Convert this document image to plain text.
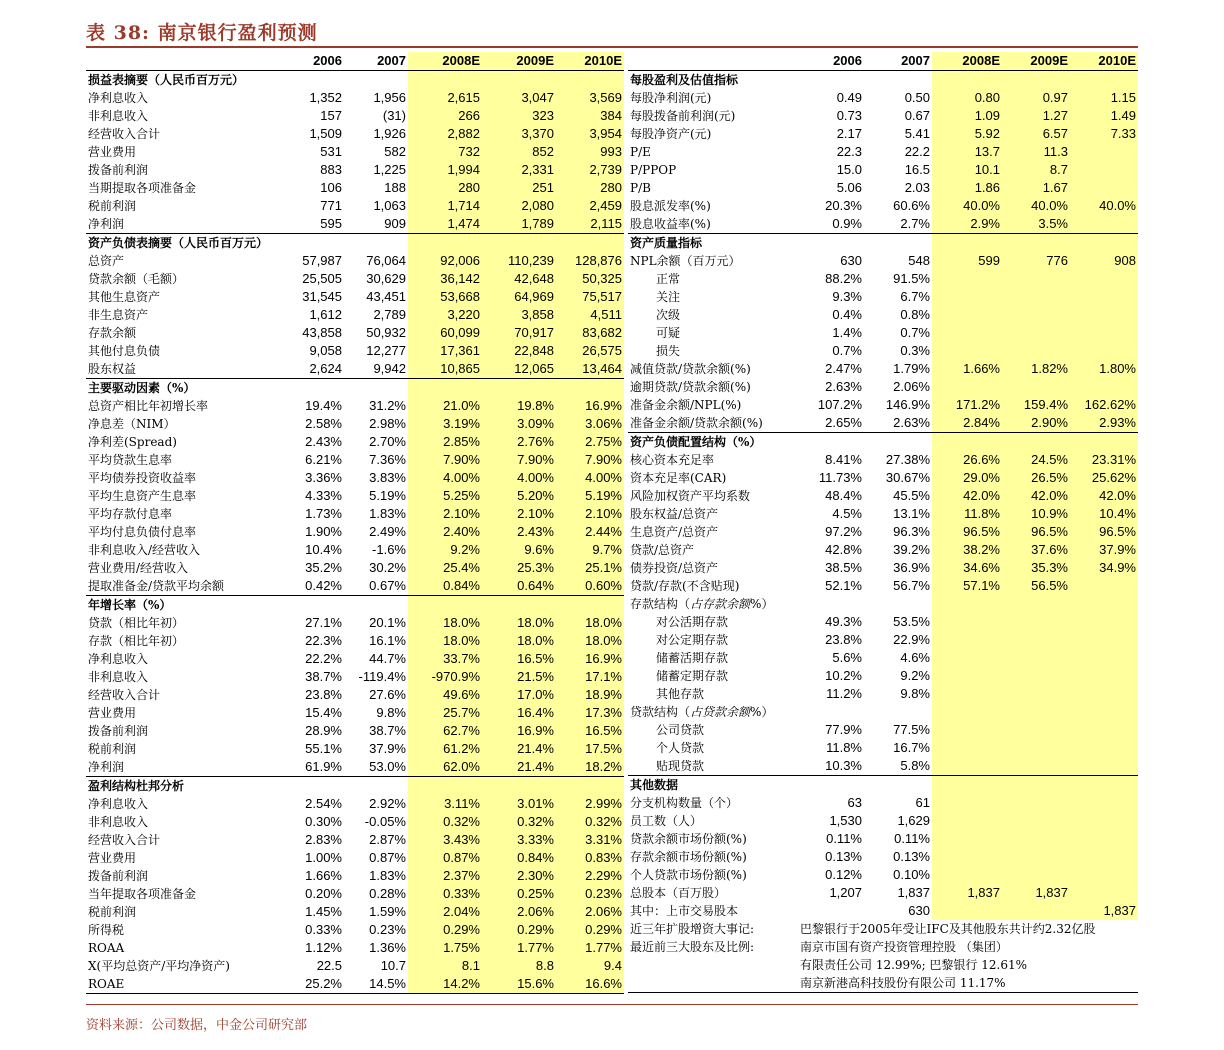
表 38: 南京银行盈利预测
	2006	2007	2008E	2009E	2010E
损益表摘要（人民币百万元）					
净利息收入	1,352	1,956	2,615	3,047	3,569
非利息收入	157	(31)	266	323	384
经营收入合计	1,509	1,926	2,882	3,370	3,954
营业费用	531	582	732	852	993
拨备前利润	883	1,225	1,994	2,331	2,739
当期提取各项准备金	106	188	280	251	280
税前利润	771	1,063	1,714	2,080	2,459
净利润	595	909	1,474	1,789	2,115
资产负债表摘要（人民币百万元）					
总资产	57,987	76,064	92,006	110,239	128,876
贷款余额（毛额）	25,505	30,629	36,142	42,648	50,325
其他生息资产	31,545	43,451	53,668	64,969	75,517
非生息资产	1,612	2,789	3,220	3,858	4,511
存款余额	43,858	50,932	60,099	70,917	83,682
其他付息负债	9,058	12,277	17,361	22,848	26,575
股东权益	2,624	9,942	10,865	12,065	13,464
主要驱动因素（%）					
总资产相比年初增长率	19.4%	31.2%	21.0%	19.8%	16.9%
净息差（NIM）	2.58%	2.98%	3.19%	3.09%	3.06%
净利差(Spread)	2.43%	2.70%	2.85%	2.76%	2.75%
平均贷款生息率	6.21%	7.36%	7.90%	7.90%	7.90%
平均债券投资收益率	3.36%	3.83%	4.00%	4.00%	4.00%
平均生息资产生息率	4.33%	5.19%	5.25%	5.20%	5.19%
平均存款付息率	1.73%	1.83%	2.10%	2.10%	2.10%
平均付息负债付息率	1.90%	2.49%	2.40%	2.43%	2.44%
非利息收入/经营收入	10.4%	-1.6%	9.2%	9.6%	9.7%
营业费用/经营收入	35.2%	30.2%	25.4%	25.3%	25.1%
提取准备金/贷款平均余额	0.42%	0.67%	0.84%	0.64%	0.60%
年增长率（%）					
贷款（相比年初）	27.1%	20.1%	18.0%	18.0%	18.0%
存款（相比年初）	22.3%	16.1%	18.0%	18.0%	18.0%
净利息收入	22.2%	44.7%	33.7%	16.5%	16.9%
非利息收入	38.7%	-119.4%	-970.9%	21.5%	17.1%
经营收入合计	23.8%	27.6%	49.6%	17.0%	18.9%
营业费用	15.4%	9.8%	25.7%	16.4%	17.3%
拨备前利润	28.9%	38.7%	62.7%	16.9%	16.5%
税前利润	55.1%	37.9%	61.2%	21.4%	17.5%
净利润	61.9%	53.0%	62.0%	21.4%	18.2%
盈利结构杜邦分析					
净利息收入	2.54%	2.92%	3.11%	3.01%	2.99%
非利息收入	0.30%	-0.05%	0.32%	0.32%	0.32%
经营收入合计	2.83%	2.87%	3.43%	3.33%	3.31%
营业费用	1.00%	0.87%	0.87%	0.84%	0.83%
拨备前利润	1.66%	1.83%	2.37%	2.30%	2.29%
当年提取各项准备金	0.20%	0.28%	0.33%	0.25%	0.23%
税前利润	1.45%	1.59%	2.04%	2.06%	2.06%
所得税	0.33%	0.23%	0.29%	0.29%	0.29%
ROAA	1.12%	1.36%	1.75%	1.77%	1.77%
X(平均总资产/平均净资产)	22.5	10.7	8.1	8.8	9.4
ROAE	25.2%	14.5%	14.2%	15.6%	16.6%
	2006	2007	2008E	2009E	2010E
每股盈利及估值指标					
每股净利润(元)	0.49	0.50	0.80	0.97	1.15
每股拨备前利润(元)	0.73	0.67	1.09	1.27	1.49
每股净资产(元)	2.17	5.41	5.92	6.57	7.33
P/E	22.3	22.2	13.7	11.3	
P/PPOP	15.0	16.5	10.1	8.7	
P/B	5.06	2.03	1.86	1.67	
股息派发率(%)	20.3%	60.6%	40.0%	40.0%	40.0%
股息收益率(%)	0.9%	2.7%	2.9%	3.5%	
资产质量指标					
NPL余额（百万元）	630	548	599	776	908
正常	88.2%	91.5%			
关注	9.3%	6.7%			
次级	0.4%	0.8%			
可疑	1.4%	0.7%			
损失	0.7%	0.3%			
减值贷款/贷款余额(%)	2.47%	1.79%	1.66%	1.82%	1.80%
逾期贷款/贷款余额(%)	2.63%	2.06%			
准备金余额/NPL(%)	107.2%	146.9%	171.2%	159.4%	162.62%
准备金余额/贷款余额(%)	2.65%	2.63%	2.84%	2.90%	2.93%
资产负债配置结构（%）					
核心资本充足率	8.41%	27.38%	26.6%	24.5%	23.31%
资本充足率(CAR)	11.73%	30.67%	29.0%	26.5%	25.62%
风险加权资产平均系数	48.4%	45.5%	42.0%	42.0%	42.0%
股东权益/总资产	4.5%	13.1%	11.8%	10.9%	10.4%
生息资产/总资产	97.2%	96.3%	96.5%	96.5%	96.5%
贷款/总资产	42.8%	39.2%	38.2%	37.6%	37.9%
债券投资/总资产	38.5%	36.9%	34.6%	35.3%	34.9%
贷款/存款(不含贴现)	52.1%	56.7%	57.1%	56.5%	
存款结构（占存款余额%）					
对公活期存款	49.3%	53.5%			
对公定期存款	23.8%	22.9%			
储蓄活期存款	5.6%	4.6%			
储蓄定期存款	10.2%	9.2%			
其他存款	11.2%	9.8%			
贷款结构（占贷款余额%）					
公司贷款	77.9%	77.5%			
个人贷款	11.8%	16.7%			
贴现贷款	10.3%	5.8%			
其他数据					
分支机构数量（个）	63	61			
员工数（人）	1,530	1,629			
贷款余额市场份额(%)	0.11%	0.11%			
存款余额市场份额(%)	0.13%	0.13%			
个人贷款市场份额(%)	0.12%	0.10%			
总股本（百万股）	1,207	1,837	1,837	1,837	
其中：上市交易股本		630			1,837
近三年扩股增资大事记:	巴黎银行于2005年受让IFC及其他股东共计约2.32亿股				
最近前三大股东及比例:	南京市国有资产投资管理控股 （集团）				
	有限责任公司 12.99%; 巴黎银行 12.61%				
	南京新港高科技股份有限公司 11.17%				
资料来源：公司数据，中金公司研究部
